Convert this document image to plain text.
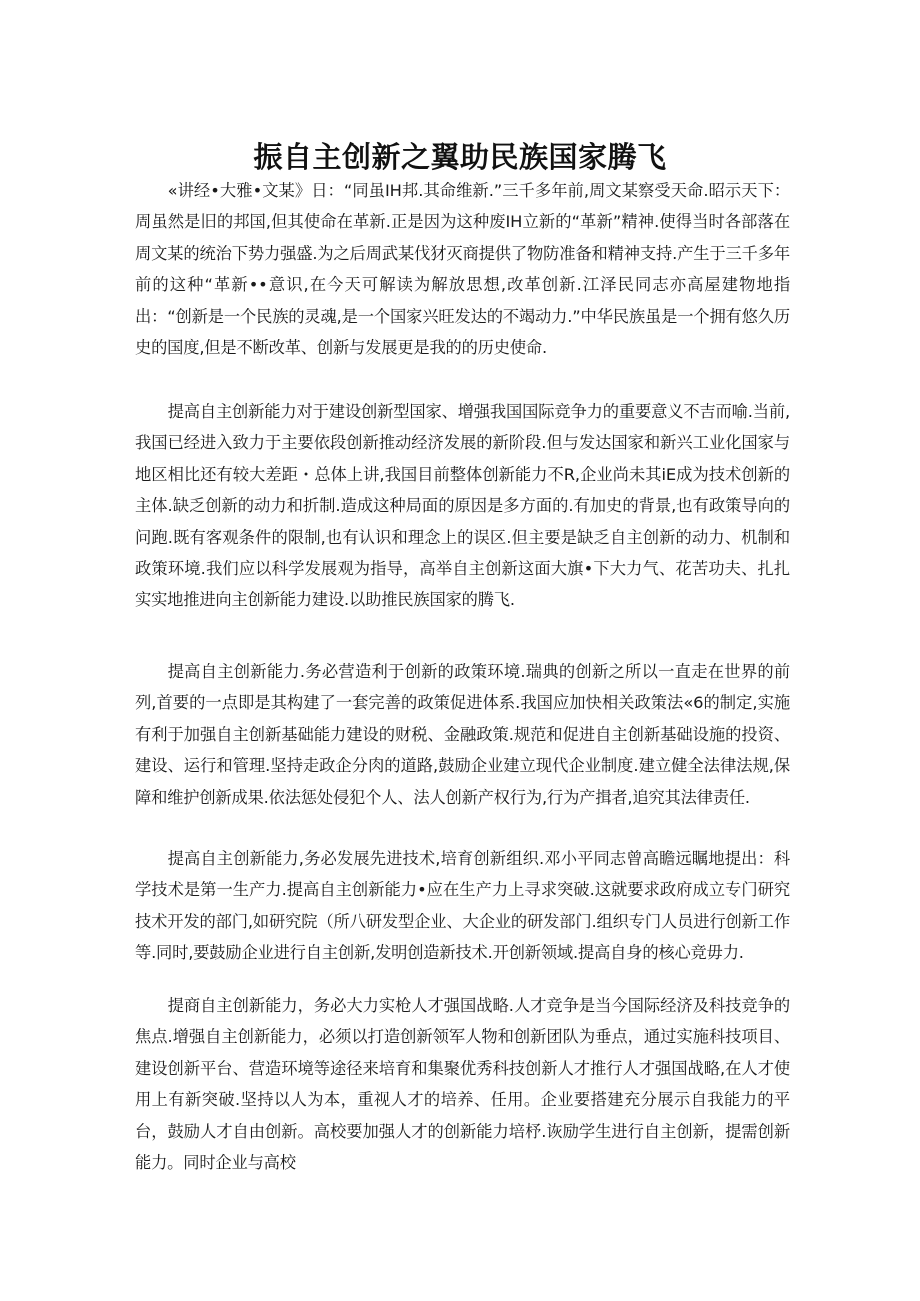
振自主创新之翼助民族国家腾飞

«讲经•大雅•文某》日：“同虽IH邦.其命维新.”三千多年前,周文某察受天命.昭示天下：周虽然是旧的邦国,但其使命在革新.正是因为这种废IH立新的“革新”精神.使得当时各部落在周文某的统治下势力强盛.为之后周武某伐犲灭商提供了物防准备和精神支持.产生于三千多年前的这种“革新••意识,在今天可解读为解放思想,改革创新.江泽民同志亦高屋建物地指出：“创新是一个民族的灵魂,是一个国家兴旺发达的不竭动力.”中华民族虽是一个拥有悠久历史的国度,但是不断改革、创新与发展更是我的的历史使命.

提高自主创新能力对于建设创新型国家、增强我国国际竞争力的重要意义不吉而喻.当前,我国已经进入致力于主要依段创新推动经济发展的新阶段.但与发达国家和新兴工业化国家与地区相比还有较大差距・总体上讲,我国目前整体创新能力不R,企业尚未其iE成为技术创新的主体.缺乏创新的动力和折制.造成这种局面的原因是多方面的.有加史的背景,也有政策导向的问跑.既有客观条件的限制,也有认识和理念上的误区.但主要是缺乏自主创新的动力、机制和政策环境.我们应以科学发展观为指导，高举自主创新这面大旗•下大力气、花苦功夫、扎扎实实地推进向主创新能力建设.以助推民族国家的腾飞.

提高自主创新能力.务必营造利于创新的政策环境.瑞典的创新之所以一直走在世界的前列,首要的一点即是其构建了一套完善的政策促进体系.我国应加快相关政策法«6的制定,实施有利于加强自主创新基础能力建设的财税、金融政策.规范和促进自主创新基础设施的投资、建设、运行和管理.坚持走政企分肉的道路,鼓励企业建立现代企业制度.建立健全法律法规,保障和维护创新成果.依法惩处侵犯个人、法人创新产权行为,行为产揖者,追究其法律责任.

提高自主创新能力,务必发展先进技术,培育创新组织.邓小平同志曾高瞻远瞩地提出：科学技术是第一生产力.提高自主创新能力•应在生产力上寻求突破.这就要求政府成立专门研究技术开发的部门,如研究院（所八研发型企业、大企业的研发部门.组织专门人员进行创新工作等.同时,要鼓励企业进行自主创新,发明创造新技术.开创新领域.提高自身的核心竞毋力.

提商自主创新能力，务必大力实枪人才强国战略.人才竞争是当今国际经济及科技竞争的焦点.增强自主创新能力，必须以打造创新领军人物和创新团队为垂点，通过实施科技项目、建设创新平台、营造环境等途径来培育和集聚优秀科技创新人才推行人才强国战略,在人才使用上有新突破.坚持以人为本，重视人才的培养、任用。企业要搭建充分展示自我能力的平台，鼓励人才自由创新。高校要加强人才的创新能力培杼.诙励学生进行自主创新，提需创新能力。同时企业与高校
